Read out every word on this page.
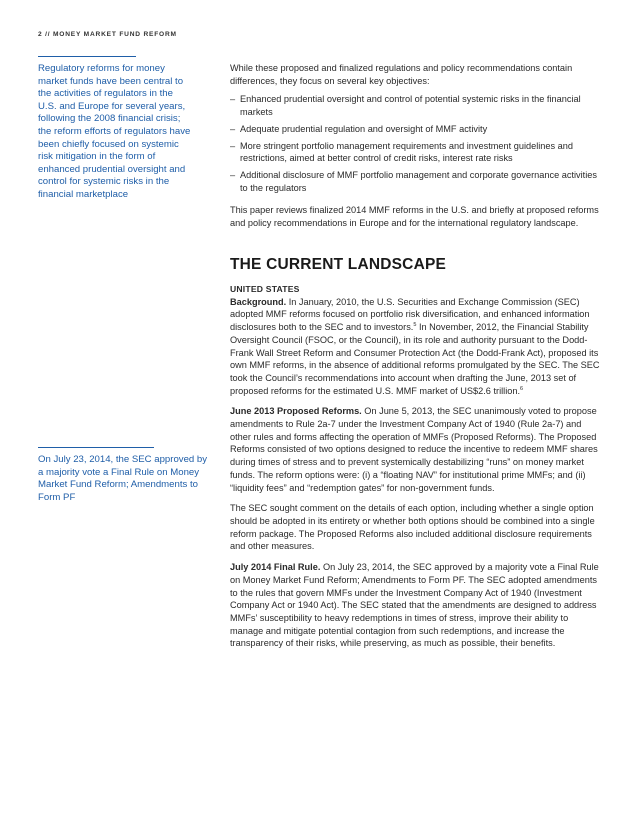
2 // MONEY MARKET FUND REFORM
Regulatory reforms for money market funds have been central to the activities of regulators in the U.S. and Europe for several years, following the 2008 financial crisis; the reform efforts of regulators have been chiefly focused on systemic risk mitigation in the form of enhanced prudential oversight and control for systemic risks in the financial marketplace
On July 23, 2014, the SEC approved by a majority vote a Final Rule on Money Market Fund Reform; Amendments to Form PF

While these proposed and finalized regulations and policy recommendations contain differences, they focus on several key objectives:

– Enhanced prudential oversight and control of potential systemic risks in the financial markets
– Adequate prudential regulation and oversight of MMF activity
– More stringent portfolio management requirements and investment guidelines and restrictions, aimed at better control of credit risks, interest rate risks
– Additional disclosure of MMF portfolio management and corporate governance activities to the regulators

This paper reviews finalized 2014 MMF reforms in the U.S. and briefly at proposed reforms and policy recommendations in Europe and for the international regulatory landscape.

THE CURRENT LANDSCAPE
UNITED STATES

Background. In January, 2010, the U.S. Securities and Exchange Commission (SEC) adopted MMF reforms focused on portfolio risk diversification, and enhanced information disclosures both to the SEC and to investors.$^5$ In November, 2012, the Financial Stability Oversight Council (FSOC, or the Council), in its role and authority pursuant to the Dodd-Frank Wall Street Reform and Consumer Protection Act (the Dodd-Frank Act), proposed its own MMF reforms, in the absence of additional reforms promulgated by the SEC. The SEC took the Council’s recommendations into account when drafting the June, 2013 set of proposed reforms for the estimated U.S. MMF market of US$2.6 trillion.$^6$

June 2013 Proposed Reforms. On June 5, 2013, the SEC unanimously voted to propose amendments to Rule 2a-7 under the Investment Company Act of 1940 (Rule 2a-7) and other rules and forms affecting the operation of MMFs (Proposed Reforms). The Proposed Reforms consisted of two options designed to reduce the incentive to redeem MMF shares during times of stress and to prevent systemically destabilizing “runs” on money market funds. The reform options were: (i) a “floating NAV” for institutional prime MMFs; and (ii) “liquidity fees” and “redemption gates” for non-government funds.

The SEC sought comment on the details of each option, including whether a single option should be adopted in its entirety or whether both options should be combined into a single reform package. The Proposed Reforms also included additional disclosure requirements and other measures.

July 2014 Final Rule. On July 23, 2014, the SEC approved by a majority vote a Final Rule on Money Market Fund Reform; Amendments to Form PF. The SEC adopted amendments to the rules that govern MMFs under the Investment Company Act of 1940 (Investment Company Act or 1940 Act). The SEC stated that the amendments are designed to address MMFs’ susceptibility to heavy redemptions in times of stress, improve their ability to manage and mitigate potential contagion from such redemptions, and increase the transparency of their risks, while preserving, as much as possible, their benefits.
